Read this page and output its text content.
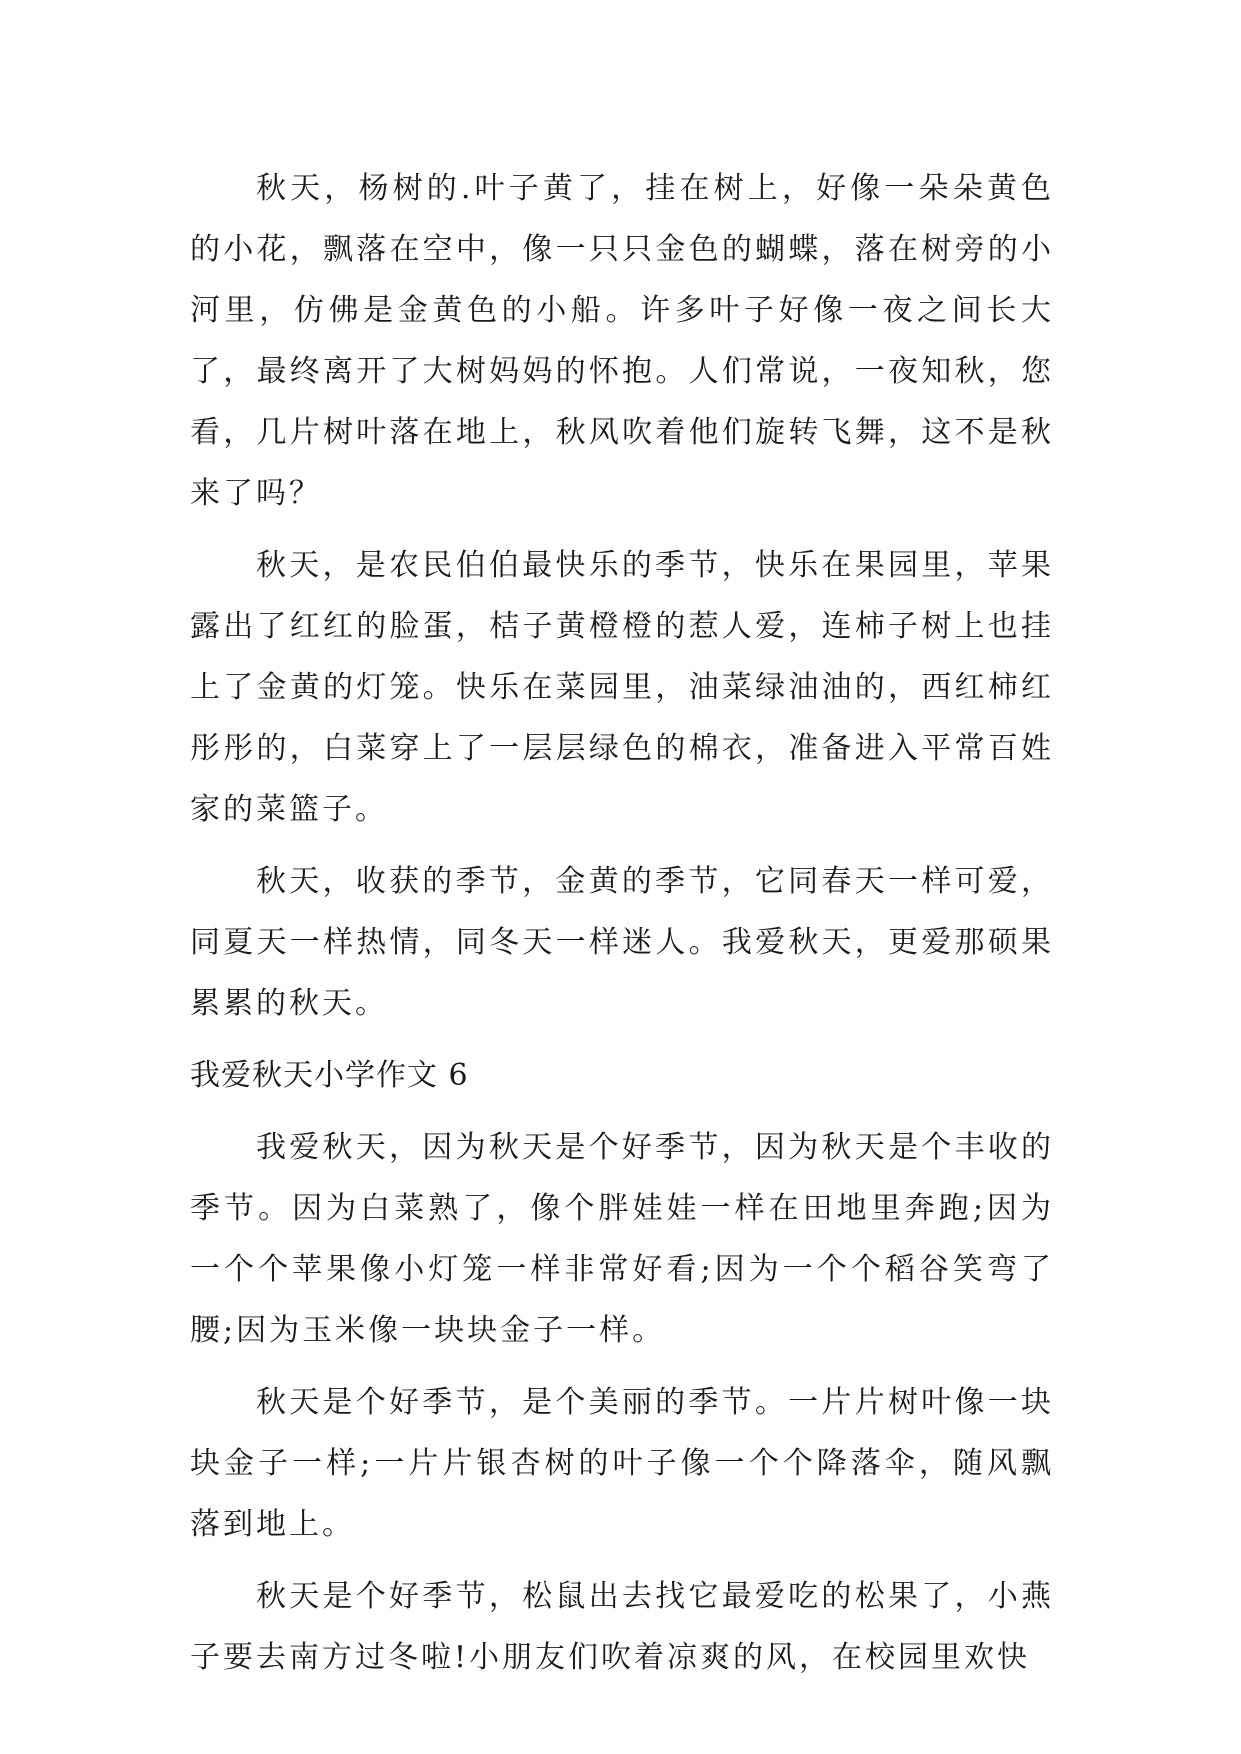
秋天，杨树的.叶子黄了，挂在树上，好像一朵朵黄色的小花，飘落在空中，像一只只金色的蝴蝶，落在树旁的小河里，仿佛是金黄色的小船。许多叶子好像一夜之间长大了，最终离开了大树妈妈的怀抱。人们常说，一夜知秋，您看，几片树叶落在地上，秋风吹着他们旋转飞舞，这不是秋来了吗？

秋天，是农民伯伯最快乐的季节，快乐在果园里，苹果露出了红红的脸蛋，桔子黄橙橙的惹人爱，连柿子树上也挂上了金黄的灯笼。快乐在菜园里，油菜绿油油的，西红柿红彤彤的，白菜穿上了一层层绿色的棉衣，准备进入平常百姓家的菜篮子。

秋天，收获的季节，金黄的季节，它同春天一样可爱，同夏天一样热情，同冬天一样迷人。我爱秋天，更爱那硕果累累的秋天。

我爱秋天小学作文 6

我爱秋天，因为秋天是个好季节，因为秋天是个丰收的季节。因为白菜熟了，像个胖娃娃一样在田地里奔跑;因为一个个苹果像小灯笼一样非常好看;因为一个个稻谷笑弯了腰;因为玉米像一块块金子一样。

秋天是个好季节，是个美丽的季节。一片片树叶像一块块金子一样;一片片银杏树的叶子像一个个降落伞，随风飘落到地上。

秋天是个好季节，松鼠出去找它最爱吃的松果了，小燕子要去南方过冬啦!小朋友们吹着凉爽的风，在校园里欢快
